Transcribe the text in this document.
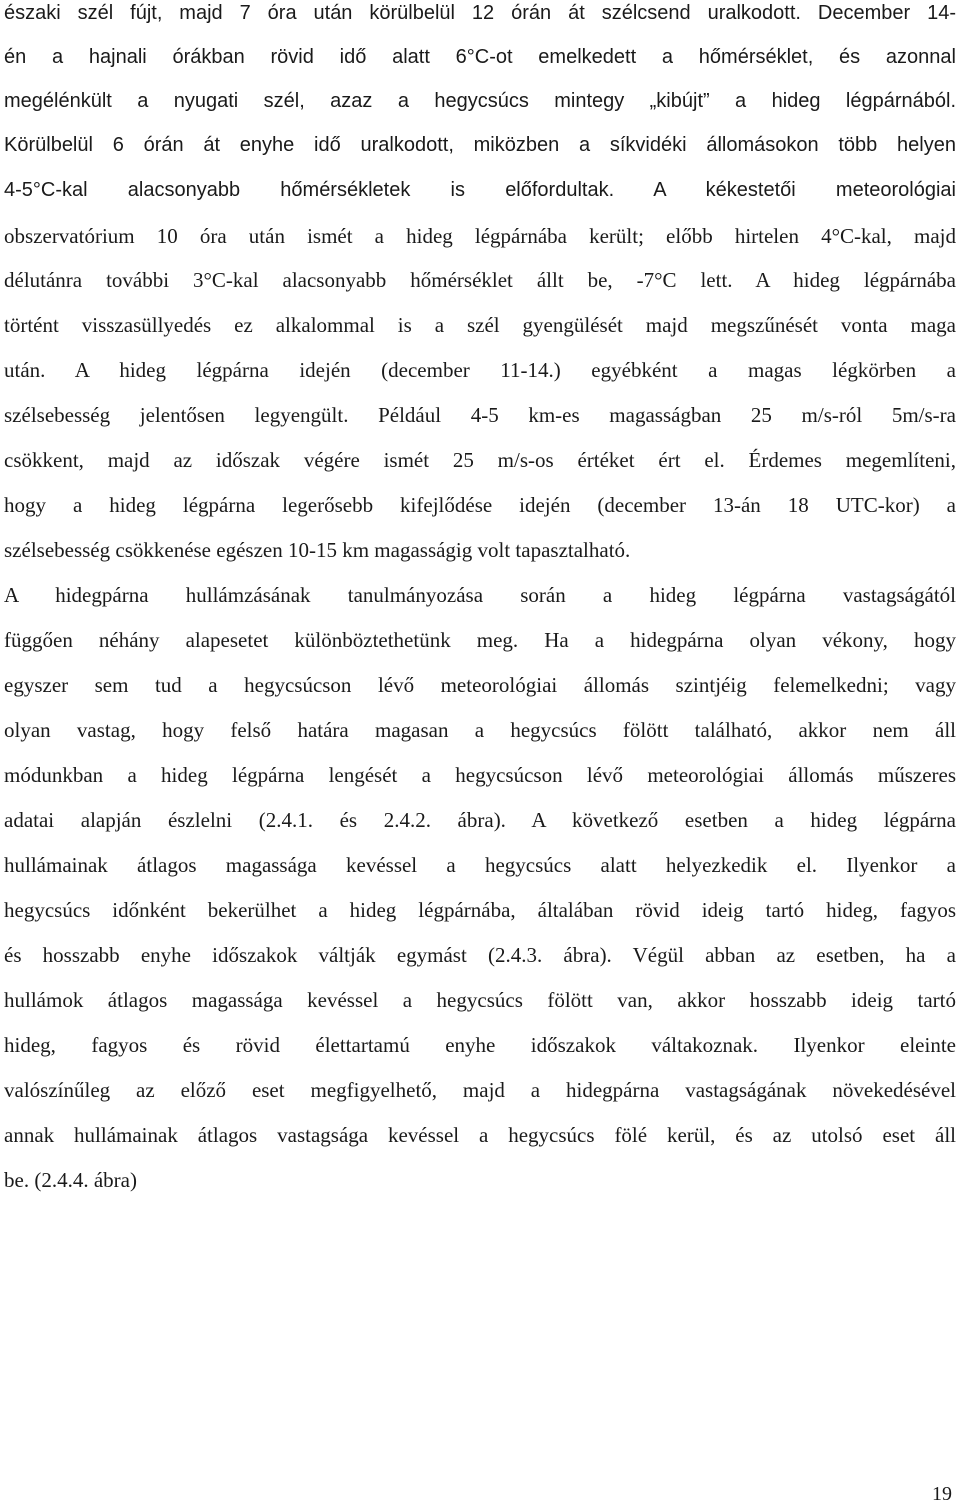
északi szél fújt, majd 7 óra után körülbelül 12 órán át szélcsend uralkodott. December 14-
én a hajnali órákban rövid idő alatt 6°C-ot emelkedett a hőmérséklet, és azonnal
megélénkült a nyugati szél, azaz a hegycsúcs mintegy „kibújt” a hideg légpárnából.
Körülbelül 6 órán át enyhe idő uralkodott, miközben a síkvidéki állomásokon több helyen
4-5°C-kal alacsonyabb hőmérsékletek is előfordultak. A kékestetői meteorológiai
obszervatórium 10 óra után ismét a hideg légpárnába került; előbb hirtelen 4°C-kal, majd
délutánra további 3°C-kal alacsonyabb hőmérséklet állt be, -7°C lett. A hideg légpárnába
történt visszasüllyedés ez alkalommal is a szél gyengülését majd megszűnését vonta maga
után. A hideg légpárna idején (december 11-14.) egyébként a magas légkörben a
szélsebesség jelentősen legyengült. Például 4-5 km-es magasságban 25 m/s-ról 5m/s-ra
csökkent, majd az időszak végére ismét 25 m/s-os értéket ért el. Érdemes megemlíteni,
hogy a hideg légpárna legerősebb kifejlődése idején (december 13-án 18 UTC-kor) a
szélsebesség csökkenése egészen 10-15 km magasságig volt tapasztalható.
A hidegpárna hullámzásának tanulmányozása során a hideg légpárna vastagságától
függően néhány alapesetet különböztethetünk meg. Ha a hidegpárna olyan vékony, hogy
egyszer sem tud a hegycsúcson lévő meteorológiai állomás szintjéig felemelkedni; vagy
olyan vastag, hogy felső határa magasan a hegycsúcs fölött található, akkor nem áll
módunkban a hideg légpárna lengését a hegycsúcson lévő meteorológiai állomás műszeres
adatai alapján észlelni (2.4.1. és 2.4.2. ábra). A következő esetben a hideg légpárna
hullámainak átlagos magassága kevéssel a hegycsúcs alatt helyezkedik el. Ilyenkor a
hegycsúcs időnként bekerülhet a hideg légpárnába, általában rövid ideig tartó hideg, fagyos
és hosszabb enyhe időszakok váltják egymást (2.4.3. ábra). Végül abban az esetben, ha a
hullámok átlagos magassága kevéssel a hegycsúcs fölött van, akkor hosszabb ideig tartó
hideg, fagyos és rövid élettartamú enyhe időszakok váltakoznak. Ilyenkor eleinte
valószínűleg az előző eset megfigyelhető, majd a hidegpárna vastagságának növekedésével
annak hullámainak átlagos vastagsága kevéssel a hegycsúcs fölé kerül, és az utolsó eset áll
be. (2.4.4. ábra)
19
